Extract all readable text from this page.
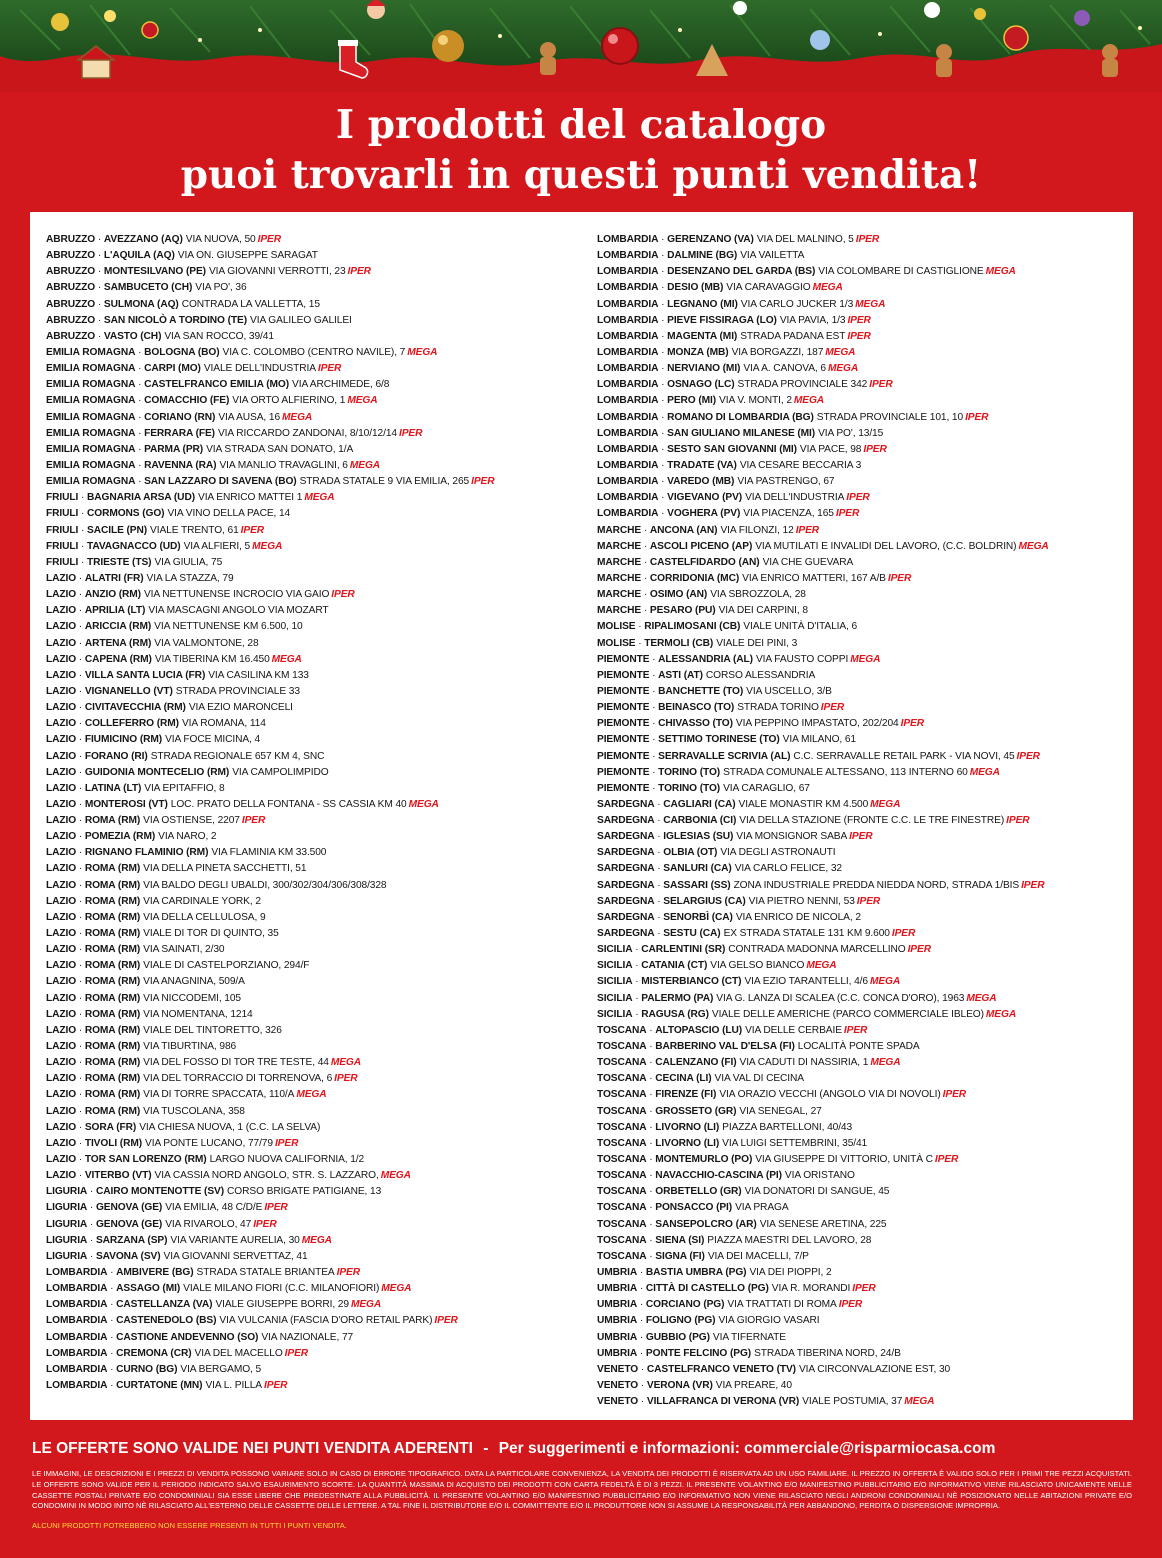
I prodotti del catalogo
puoi trovarli in questi punti vendita!
ABRUZZO · AVEZZANO (AQ) VIA NUOVA, 50 IPER
ABRUZZO · L'AQUILA (AQ) VIA ON. GIUSEPPE SARAGAT
ABRUZZO · MONTESILVANO (PE) VIA GIOVANNI VERROTTI, 23 IPER
ABRUZZO · SAMBUCETO (CH) VIA PO', 36
ABRUZZO · SULMONA (AQ) CONTRADA LA VALLETTA, 15
ABRUZZO · SAN NICOLÒ A TORDINO (TE) VIA GALILEO GALILEI
ABRUZZO · VASTO (CH) VIA SAN ROCCO, 39/41
EMILIA ROMAGNA · BOLOGNA (BO) VIA C. COLOMBO (CENTRO NAVILE), 7 MEGA
EMILIA ROMAGNA · CARPI (MO) VIALE DELL'INDUSTRIA IPER
EMILIA ROMAGNA · CASTELFRANCO EMILIA (MO) VIA ARCHIMEDE, 6/8
EMILIA ROMAGNA · COMACCHIO (FE) VIA ORTO ALFIERINO, 1 MEGA
EMILIA ROMAGNA · CORIANO (RN) VIA AUSA, 16 MEGA
EMILIA ROMAGNA · FERRARA (FE) VIA RICCARDO ZANDONAI, 8/10/12/14 IPER
EMILIA ROMAGNA · PARMA (PR) VIA STRADA SAN DONATO, 1/A
EMILIA ROMAGNA · RAVENNA (RA) VIA MANLIO TRAVAGLINI, 6 MEGA
EMILIA ROMAGNA · SAN LAZZARO DI SAVENA (BO) STRADA STATALE 9 VIA EMILIA, 265 IPER
FRIULI · BAGNARIA ARSA (UD) VIA ENRICO MATTEI 1 MEGA
FRIULI · CORMONS (GO) VIA VINO DELLA PACE, 14
FRIULI · SACILE (PN) VIALE TRENTO, 61 IPER
FRIULI · TAVAGNACCO (UD) VIA ALFIERI, 5 MEGA
FRIULI · TRIESTE (TS) VIA GIULIA, 75
LAZIO · ALATRI (FR) VIA LA STAZZA, 79
LAZIO · ANZIO (RM) VIA NETTUNENSE INCROCIO VIA GAIO IPER
LAZIO · APRILIA (LT) VIA MASCAGNI ANGOLO VIA MOZART
LAZIO · ARICCIA (RM) VIA NETTUNENSE KM 6.500, 10
LAZIO · ARTENA (RM) VIA VALMONTONE, 28
LAZIO · CAPENA (RM) VIA TIBERINA KM 16.450 MEGA
LAZIO · VILLA SANTA LUCIA (FR) VIA CASILINA KM 133
LAZIO · VIGNANELLO (VT) STRADA PROVINCIALE 33
LAZIO · CIVITAVECCHIA (RM) VIA EZIO MARONCELI
LAZIO · COLLEFERRO (RM) VIA ROMANA, 114
LAZIO · FIUMICINO (RM) VIA FOCE MICINA, 4
LAZIO · FORANO (RI) STRADA REGIONALE 657 KM 4, SNC
LAZIO · GUIDONIA MONTECELIO (RM) VIA CAMPOLIMPIDO
LAZIO · LATINA (LT) VIA EPITAFFIO, 8
LAZIO · MONTEROSI (VT) LOC. PRATO DELLA FONTANA - SS CASSIA KM 40 MEGA
LAZIO · ROMA (RM) VIA OSTIENSE, 2207 IPER
LAZIO · POMEZIA (RM) VIA NARO, 2
LAZIO · RIGNANO FLAMINIO (RM) VIA FLAMINIA KM 33.500
LAZIO · ROMA (RM) VIA DELLA PINETA SACCHETTI, 51
LAZIO · ROMA (RM) VIA BALDO DEGLI UBALDI, 300/302/304/306/308/328
LAZIO · ROMA (RM) VIA CARDINALE YORK, 2
LAZIO · ROMA (RM) VIA DELLA CELLULOSA, 9
LAZIO · ROMA (RM) VIALE DI TOR DI QUINTO, 35
LAZIO · ROMA (RM) VIA SAINATI, 2/30
LAZIO · ROMA (RM) VIALE DI CASTELPORZIANO, 294/F
LAZIO · ROMA (RM) VIA ANAGNINA, 509/A
LAZIO · ROMA (RM) VIA NICCODEMI, 105
LAZIO · ROMA (RM) VIA NOMENTANA, 1214
LAZIO · ROMA (RM) VIALE DEL TINTORETTO, 326
LAZIO · ROMA (RM) VIA TIBURTINA, 986
LAZIO · ROMA (RM) VIA DEL FOSSO DI TOR TRE TESTE, 44 MEGA
LAZIO · ROMA (RM) VIA DEL TORRACCIO DI TORRENOVA, 6 IPER
LAZIO · ROMA (RM) VIA DI TORRE SPACCATA, 110/A MEGA
LAZIO · ROMA (RM) VIA TUSCOLANA, 358
LAZIO · SORA (FR) VIA CHIESA NUOVA, 1 (C.C. LA SELVA)
LAZIO · TIVOLI (RM) VIA PONTE LUCANO, 77/79 IPER
LAZIO · TOR SAN LORENZO (RM) LARGO NUOVA CALIFORNIA, 1/2
LAZIO · VITERBO (VT) VIA CASSIA NORD ANGOLO, STR. S. LAZZARO, MEGA
LIGURIA · CAIRO MONTENOTTE (SV) CORSO BRIGATE PATIGIANE, 13
LIGURIA · GENOVA (GE) VIA EMILIA, 48 C/D/E IPER
LIGURIA · GENOVA (GE) VIA RIVAROLO, 47 IPER
LIGURIA · SARZANA (SP) VIA VARIANTE AURELIA, 30 MEGA
LIGURIA · SAVONA (SV) VIA GIOVANNI SERVETTAZ, 41
LOMBARDIA · AMBIVERE (BG) STRADA STATALE BRIANTEA IPER
LOMBARDIA · ASSAGO (MI) VIALE MILANO FIORI (C.C. MILANOFIORI) MEGA
LOMBARDIA · CASTELLANZA (VA) VIALE GIUSEPPE BORRI, 29 MEGA
LOMBARDIA · CASTENEDOLO (BS) VIA VULCANIA (FASCIA D'ORO RETAIL PARK) IPER
LOMBARDIA · CASTIONE ANDEVENNO (SO) VIA NAZIONALE, 77
LOMBARDIA · CREMONA (CR) VIA DEL MACELLO IPER
LOMBARDIA · CURNO (BG) VIA BERGAMO, 5
LOMBARDIA · CURTATONE (MN) VIA L. PILLA IPER
LOMBARDIA · GERENZANO (VA) VIA DEL MALNINO, 5 IPER
LOMBARDIA · DALMINE (BG) VIA VAILETTA
LOMBARDIA · DESENZANO DEL GARDA (BS) VIA COLOMBARE DI CASTIGLIONE MEGA
LOMBARDIA · DESIO (MB) VIA CARAVAGGIO MEGA
LOMBARDIA · LEGNANO (MI) VIA CARLO JUCKER 1/3 MEGA
LOMBARDIA · PIEVE FISSIRAGA (LO) VIA PAVIA, 1/3 IPER
LOMBARDIA · MAGENTA (MI) STRADA PADANA EST IPER
LOMBARDIA · MONZA (MB) VIA BORGAZZI, 187 MEGA
LOMBARDIA · NERVIANO (MI) VIA A. CANOVA, 6 MEGA
LOMBARDIA · OSNAGO (LC) STRADA PROVINCIALE 342 IPER
LOMBARDIA · PERO (MI) VIA V. MONTI, 2 MEGA
LOMBARDIA · ROMANO DI LOMBARDIA (BG) STRADA PROVINCIALE 101, 10 IPER
LOMBARDIA · SAN GIULIANO MILANESE (MI) VIA PO', 13/15
LOMBARDIA · SESTO SAN GIOVANNI (MI) VIA PACE, 98 IPER
LOMBARDIA · TRADATE (VA) VIA CESARE BECCARIA 3
LOMBARDIA · VAREDO (MB) VIA PASTRENGO, 67
LOMBARDIA · VIGEVANO (PV) VIA DELL'INDUSTRIA IPER
LOMBARDIA · VOGHERA (PV) VIA PIACENZA, 165 IPER
MARCHE · ANCONA (AN) VIA FILONZI, 12 IPER
MARCHE · ASCOLI PICENO (AP) VIA MUTILATI E INVALIDI DEL LAVORO, (C.C. BOLDRIN) MEGA
MARCHE · CASTELFIDARDO (AN) VIA CHE GUEVARA
MARCHE · CORRIDONIA (MC) VIA ENRICO MATTERI, 167 A/B IPER
MARCHE · OSIMO (AN) VIA SBROZZOLA, 28
MARCHE · PESARO (PU) VIA DEI CARPINI, 8
MOLISE · RIPALIMOSANI (CB) VIALE UNITÀ D'ITALIA, 6
MOLISE · TERMOLI (CB) VIALE DEI PINI, 3
PIEMONTE · ALESSANDRIA (AL) VIA FAUSTO COPPI MEGA
PIEMONTE · ASTI (AT) CORSO ALESSANDRIA
PIEMONTE · BANCHETTE (TO) VIA USCELLO, 3/B
PIEMONTE · BEINASCO (TO) STRADA TORINO IPER
PIEMONTE · CHIVASSO (TO) VIA PEPPINO IMPASTATO, 202/204 IPER
PIEMONTE · SETTIMO TORINESE (TO) VIA MILANO, 61
PIEMONTE · SERRAVALLE SCRIVIA (AL) C.C. SERRAVALLE RETAIL PARK - VIA NOVI, 45 IPER
PIEMONTE · TORINO (TO) STRADA COMUNALE ALTESSANO, 113 INTERNO 60 MEGA
PIEMONTE · TORINO (TO) VIA CARAGLIO, 67
SARDEGNA · CAGLIARI (CA) VIALE MONASTIR KM 4.500 MEGA
SARDEGNA · CARBONIA (CI) VIA DELLA STAZIONE (FRONTE C.C. LE TRE FINESTRE) IPER
SARDEGNA · IGLESIAS (SU) VIA MONSIGNOR SABA IPER
SARDEGNA · OLBIA (OT) VIA DEGLI ASTRONAUTI
SARDEGNA · SANLURI (CA) VIA CARLO FELICE, 32
SARDEGNA · SASSARI (SS) ZONA INDUSTRIALE PREDDA NIEDDA NORD, STRADA 1/BIS IPER
SARDEGNA · SELARGIUS (CA) VIA PIETRO NENNI, 53 IPER
SARDEGNA · SENORBÌ (CA) VIA ENRICO DE NICOLA, 2
SARDEGNA · SESTU (CA) EX STRADA STATALE 131 KM 9.600 IPER
SICILIA · CARLENTINI (SR) CONTRADA MADONNA MARCELLINO IPER
SICILIA · CATANIA (CT) VIA GELSO BIANCO MEGA
SICILIA · MISTERBIANCO (CT) VIA EZIO TARANTELLI, 4/6 MEGA
SICILIA · PALERMO (PA) VIA G. LANZA DI SCALEA (C.C. CONCA D'ORO), 1963 MEGA
SICILIA · RAGUSA (RG) VIALE DELLE AMERICHE (PARCO COMMERCIALE IBLEO) MEGA
TOSCANA · ALTOPASCIO (LU) VIA DELLE CERBAIE IPER
TOSCANA · BARBERINO VAL D'ELSA (FI) LOCALITÀ PONTE SPADA
TOSCANA · CALENZANO (FI) VIA CADUTI DI NASSIRIA, 1 MEGA
TOSCANA · CECINA (LI) VIA VAL DI CECINA
TOSCANA · FIRENZE (FI) VIA ORAZIO VECCHI (ANGOLO VIA DI NOVOLI) IPER
TOSCANA · GROSSETO (GR) VIA SENEGAL, 27
TOSCANA · LIVORNO (LI) PIAZZA BARTELLONI, 40/43
TOSCANA · LIVORNO (LI) VIA LUIGI SETTEMBRINI, 35/41
TOSCANA · MONTEMURLO (PO) VIA GIUSEPPE DI VITTORIO, UNITÀ C IPER
TOSCANA · NAVACCHIO-CASCINA (PI) VIA ORISTANO
TOSCANA · ORBETELLO (GR) VIA DONATORI DI SANGUE, 45
TOSCANA · PONSACCO (PI) VIA PRAGA
TOSCANA · SANSEPOLCRO (AR) VIA SENESE ARETINA, 225
TOSCANA · SIENA (SI) PIAZZA MAESTRI DEL LAVORO, 28
TOSCANA · SIGNA (FI) VIA DEI MACELLI, 7/P
UMBRIA · BASTIA UMBRA (PG) VIA DEI PIOPPI, 2
UMBRIA · CITTÀ DI CASTELLO (PG) VIA R. MORANDI IPER
UMBRIA · CORCIANO (PG) VIA TRATTATI DI ROMA IPER
UMBRIA · FOLIGNO (PG) VIA GIORGIO VASARI
UMBRIA · GUBBIO (PG) VIA TIFERNATE
UMBRIA · PONTE FELCINO (PG) STRADA TIBERINA NORD, 24/B
VENETO · CASTELFRANCO VENETO (TV) VIA CIRCONVALAZIONE EST, 30
VENETO · VERONA (VR) VIA PREARE, 40
VENETO · VILLAFRANCA DI VERONA (VR) VIALE POSTUMIA, 37 MEGA
LE OFFERTE SONO VALIDE NEI PUNTI VENDITA ADERENTI - Per suggerimenti e informazioni: commerciale@risparmiocasa.com
LE IMMAGINI, LE DESCRIZIONI E I PREZZI DI VENDITA POSSONO VARIARE SOLO IN CASO DI ERRORE TIPOGRAFICO. DATA LA PARTICOLARE CONVENIENZA, LA VENDITA DEI PRODOTTI È RISERVATA AD UN USO FAMILIARE. IL PREZZO IN OFFERTA È VALIDO SOLO PER I PRIMI TRE PEZZI ACQUISTATI. LE OFFERTE SONO VALIDE PER IL PERIODO INDICATO SALVO ESAURIMENTO SCORTE. LA QUANTITÀ MASSIMA DI ACQUISTO DEI PRODOTTI CON CARTA FEDELTÀ È DI 3 PEZZI. IL PRESENTE VOLANTINO E/O MANIFESTINO PUBBLICITARIO E/O INFORMATIVO VIENE RILASCIATO UNICAMENTE NELLE CASSETTE POSTALI PRIVATE E/O CONDOMINIALI SIA ESSE LIBERE CHE PREDESTINATE ALLA PUBBLICITÀ. IL PRESENTE VOLANTINO E/O MANIFESTINO PUBBLICITARIO E/O INFORMATIVO NON VIENE RILASCIATO NEGLI ANDRONI CONDOMINIALI NÈ POSIZIONATO NELLE ABITAZIONI PRIVATE E/O CONDOMINI IN MODO INITO NÈ RILASCIATO ALL'ESTERNO DELLE CASSETTE DELLE LETTERE. A TAL FINE IL DISTRIBUTORE E/O IL COMMITTENTE E/O IL PRODUTTORE NON SI ASSUME LA RESPONSABILITÀ PER ABBANDONO, PERDITA O DISPERSIONE IMPROPRIA.
ALCUNI PRODOTTI POTREBBERO NON ESSERE PRESENTI IN TUTTI I PUNTI VENDITA.
